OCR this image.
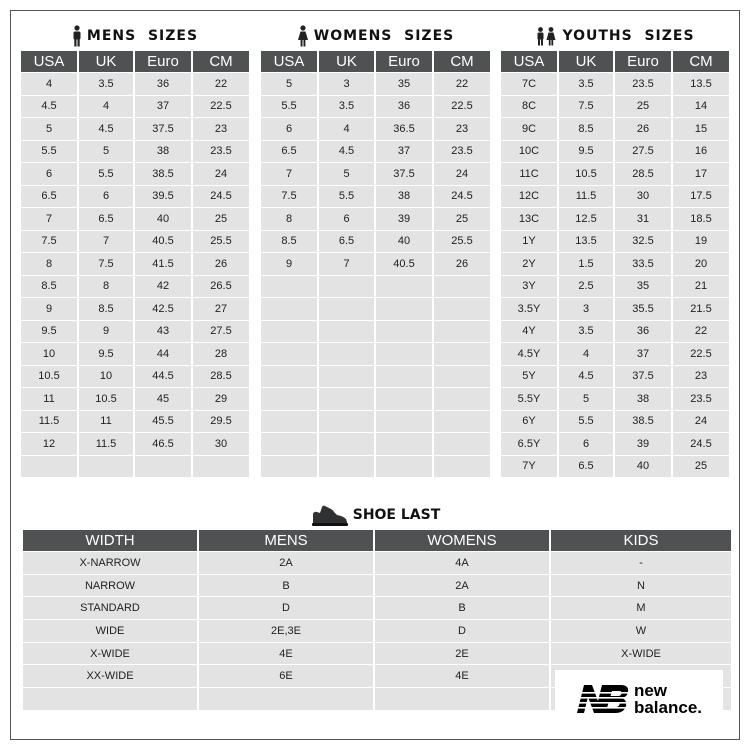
MENS  SIZES
USA	UK	Euro	CM
4	3.5	36	22
4.5	4	37	22.5
5	4.5	37.5	23
5.5	5	38	23.5
6	5.5	38.5	24
6.5	6	39.5	24.5
7	6.5	40	25
7.5	7	40.5	25.5
8	7.5	41.5	26
8.5	8	42	26.5
9	8.5	42.5	27
9.5	9	43	27.5
10	9.5	44	28
10.5	10	44.5	28.5
11	10.5	45	29
11.5	11	45.5	29.5
12	11.5	46.5	30

WOMENS  SIZES
USA	UK	Euro	CM
5	3	35	22
5.5	3.5	36	22.5
6	4	36.5	23
6.5	4.5	37	23.5
7	5	37.5	24
7.5	5.5	38	24.5
8	6	39	25
8.5	6.5	40	25.5
9	7	40.5	26

YOUTHS  SIZES
USA	UK	Euro	CM
7C	3.5	23.5	13.5
8C	7.5	25	14
9C	8.5	26	15
10C	9.5	27.5	16
11C	10.5	28.5	17
12C	11.5	30	17.5
13C	12.5	31	18.5
1Y	13.5	32.5	19
2Y	1.5	33.5	20
3Y	2.5	35	21
3.5Y	3	35.5	21.5
4Y	3.5	36	22
4.5Y	4	37	22.5
5Y	4.5	37.5	23
5.5Y	5	38	23.5
6Y	5.5	38.5	24
6.5Y	6	39	24.5
7Y	6.5	40	25
SHOE LAST
WIDTH	MENS	WOMENS	KIDS
X-NARROW	2A	4A	-
NARROW	B	2A	N
STANDARD	D	B	M
WIDE	2E,3E	D	W
X-WIDE	4E	2E	X-WIDE
XX-WIDE	6E	4E	

new
balance.
